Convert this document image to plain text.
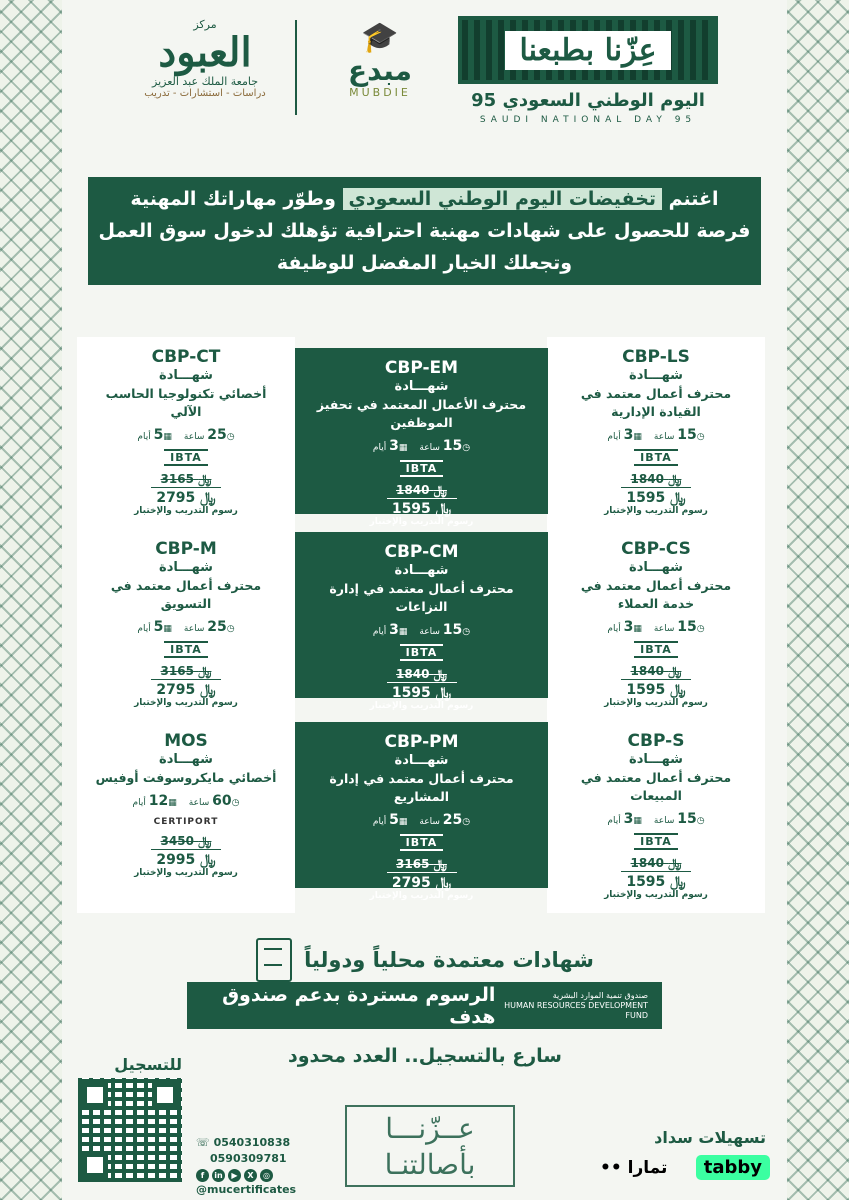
مركز
العبود
جامعة الملك عبد العزيز
دراسات - استشارات - تدريب
🎓
مبدع
MUBDIE
عِزّنا بطبعنا
اليوم الوطني السعودي 95
SAUDI NATIONAL DAY 95

اغتنم تخفيضات اليوم الوطني السعودي وطوّر مهاراتك المهنية

فرصة للحصول على شهادات مهنية احترافية تؤهلك لدخول سوق العمل

وتجعلك الخيار المفضل للوظيفة

CBP-LS
شهـــادة
محترف أعمال معتمد في القيادة الإدارية
◷15 ساعة
▦3 أيام
IBTA
1840 ﷼
1595 ﷼
رسوم التدريب والإختبار
CBP-EM
شهـــادة
محترف الأعمال المعتمد في تحفيز الموظفين
◷15 ساعة
▦3 أيام
IBTA
1840 ﷼
1595 ﷼
رسوم التدريب والإختبار
CBP-CT
شهـــادة
أخصائي تكنولوجيا الحاسب الآلي
◷25 ساعة
▦5 أيام
IBTA
3165 ﷼
2795 ﷼
رسوم التدريب والإختبار
CBP-CS
شهـــادة
محترف أعمال معتمد في خدمة العملاء
◷15 ساعة
▦3 أيام
IBTA
1840 ﷼
1595 ﷼
رسوم التدريب والإختبار
CBP-CM
شهـــادة
محترف أعمال معتمد في إدارة النزاعات
◷15 ساعة
▦3 أيام
IBTA
1840 ﷼
1595 ﷼
رسوم التدريب والإختبار
CBP-M
شهـــادة
محترف أعمال معتمد في التسويق
◷25 ساعة
▦5 أيام
IBTA
3165 ﷼
2795 ﷼
رسوم التدريب والإختبار
CBP-S
شهـــادة
محترف أعمال معتمد في المبيعات
◷15 ساعة
▦3 أيام
IBTA
1840 ﷼
1595 ﷼
رسوم التدريب والإختبار
CBP-PM
شهـــادة
محترف أعمال معتمد في إدارة المشاريع
◷25 ساعة
▦5 أيام
IBTA
3165 ﷼
2795 ﷼
رسوم التدريب والإختبار
MOS
شهـــادة
أخصائي مايكروسوفت أوفيس
◷60 ساعة
▦12 أيام
CERTIPORT
3450 ﷼
2995 ﷼
رسوم التدريب والإختبار
شهادات معتمدة محلياً ودولياً
صندوق تنمية الموارد البشرية
HUMAN RESOURCES DEVELOPMENT FUND
الرسوم مستردة بدعم صندوق هدف
سارع بالتسجيل.. العدد محدود
للتسجيل
☏ 0540310838
0590309781
f	in	▶	X	◎
@mucertificates
عــزّنـــا
بأصالتنـا
تسهيلات سداد
•• تمارا	tabby
